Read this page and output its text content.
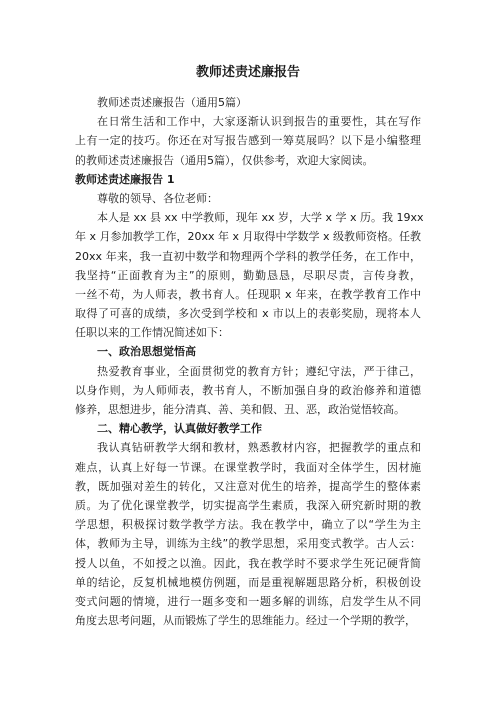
教师述责述廉报告
教师述责述廉报告（通用5篇）
在日常生活和工作中，大家逐渐认识到报告的重要性，其在写作
上有一定的技巧。你还在对写报告感到一筹莫展吗？以下是小编整理
的教师述责述廉报告（通用5篇），仅供参考，欢迎大家阅读。
教师述责述廉报告 1
尊敬的领导、各位老师：
本人是 xx 县 xx 中学教师，现年 xx 岁，大学 x 学 x 历。我 19xx
年 x 月参加教学工作，20xx 年 x 月取得中学数学 x 级教师资格。任教
20xx 年来，我一直初中数学和物理两个学科的教学任务，在工作中，
我坚持“正面教育为主”的原则，勤勤恳恳，尽职尽责，言传身教，
一丝不苟，为人师表，教书育人。任现职 x 年来，在教学教育工作中
取得了可喜的成绩，多次受到学校和 x 市以上的表彰奖励，现将本人
任职以来的工作情况简述如下：
一、政治思想觉悟高
热爱教育事业，全面贯彻党的教育方针；遵纪守法，严于律己，
以身作则，为人师师表，教书育人，不断加强自身的政治修养和道德
修养，思想进步，能分清真、善、美和假、丑、恶，政治觉悟较高。
二、精心教学，认真做好教学工作
我认真钻研教学大纲和教材，熟悉教材内容，把握教学的重点和
难点，认真上好每一节课。在课堂教学时，我面对全体学生，因材施
教，既加强对差生的转化，又注意对优生的培养，提高学生的整体素
质。为了优化课堂教学，切实提高学生素质，我深入研究新时期的教
学思想，积极探讨数学教学方法。我在教学中，确立了以“学生为主
体，教师为主导，训练为主线”的教学思想，采用变式教学。古人云：
授人以鱼，不如授之以渔。因此，我在教学时不要求学生死记硬背简
单的结论，反复机械地模仿例题，而是重视解题思路分析，积极创设
变式问题的情境，进行一题多变和一题多解的训练，启发学生从不同
角度去思考问题，从而锻炼了学生的思维能力。经过一个学期的教学，
